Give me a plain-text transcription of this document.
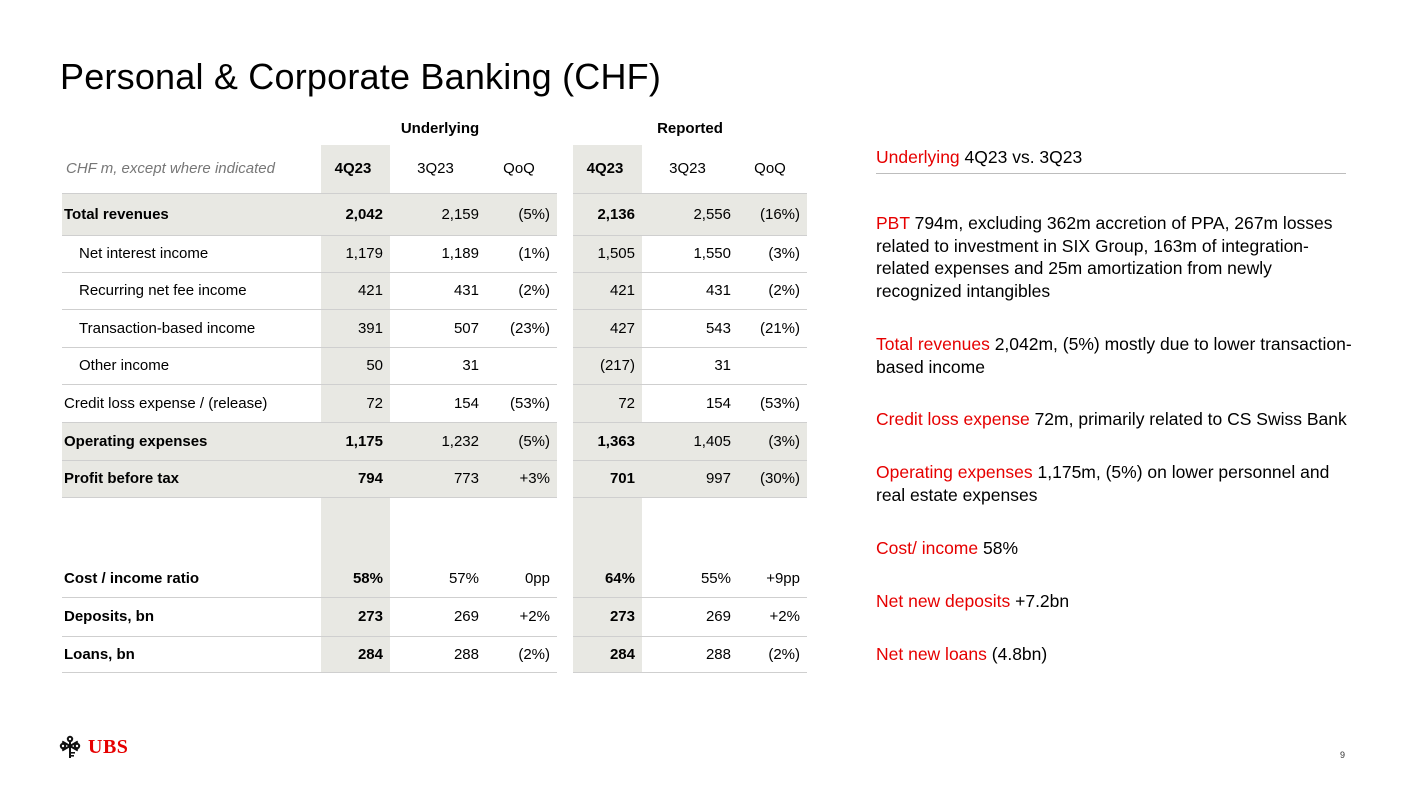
Personal & Corporate Banking (CHF)
Underlying	Reported
CHF m, except where indicated	4Q23	3Q23	QoQ		4Q23	3Q23	QoQ
Total revenues	2,042	2,159	(5%)		2,136	2,556	(16%)
Net interest income	1,179	1,189	(1%)		1,505	1,550	(3%)
Recurring net fee income	421	431	(2%)		421	431	(2%)
Transaction-based income	391	507	(23%)		427	543	(21%)
Other income	50	31			(217)	31	
Credit loss expense / (release)	72	154	(53%)		72	154	(53%)
Operating expenses	1,175	1,232	(5%)		1,363	1,405	(3%)
Profit before tax	794	773	+3%		701	997	(30%)
Cost / income ratio	58%	57%	0pp		64%	55%	+9pp
Deposits, bn	273	269	+2%		273	269	+2%
Loans, bn	284	288	(2%)		284	288	(2%)
Underlying 4Q23 vs. 3Q23
PBT 794m, excluding 362m accretion of PPA, 267m losses related to investment in SIX Group, 163m of integration-related expenses and 25m amortization from newly recognized intangibles
Total revenues 2,042m, (5%) mostly due to lower transaction-based income
Credit loss expense 72m, primarily related to CS Swiss Bank
Operating expenses 1,175m, (5%) on lower personnel and real estate expenses
Cost/ income 58%
Net new deposits +7.2bn
Net new loans (4.8bn)
UBS	9
